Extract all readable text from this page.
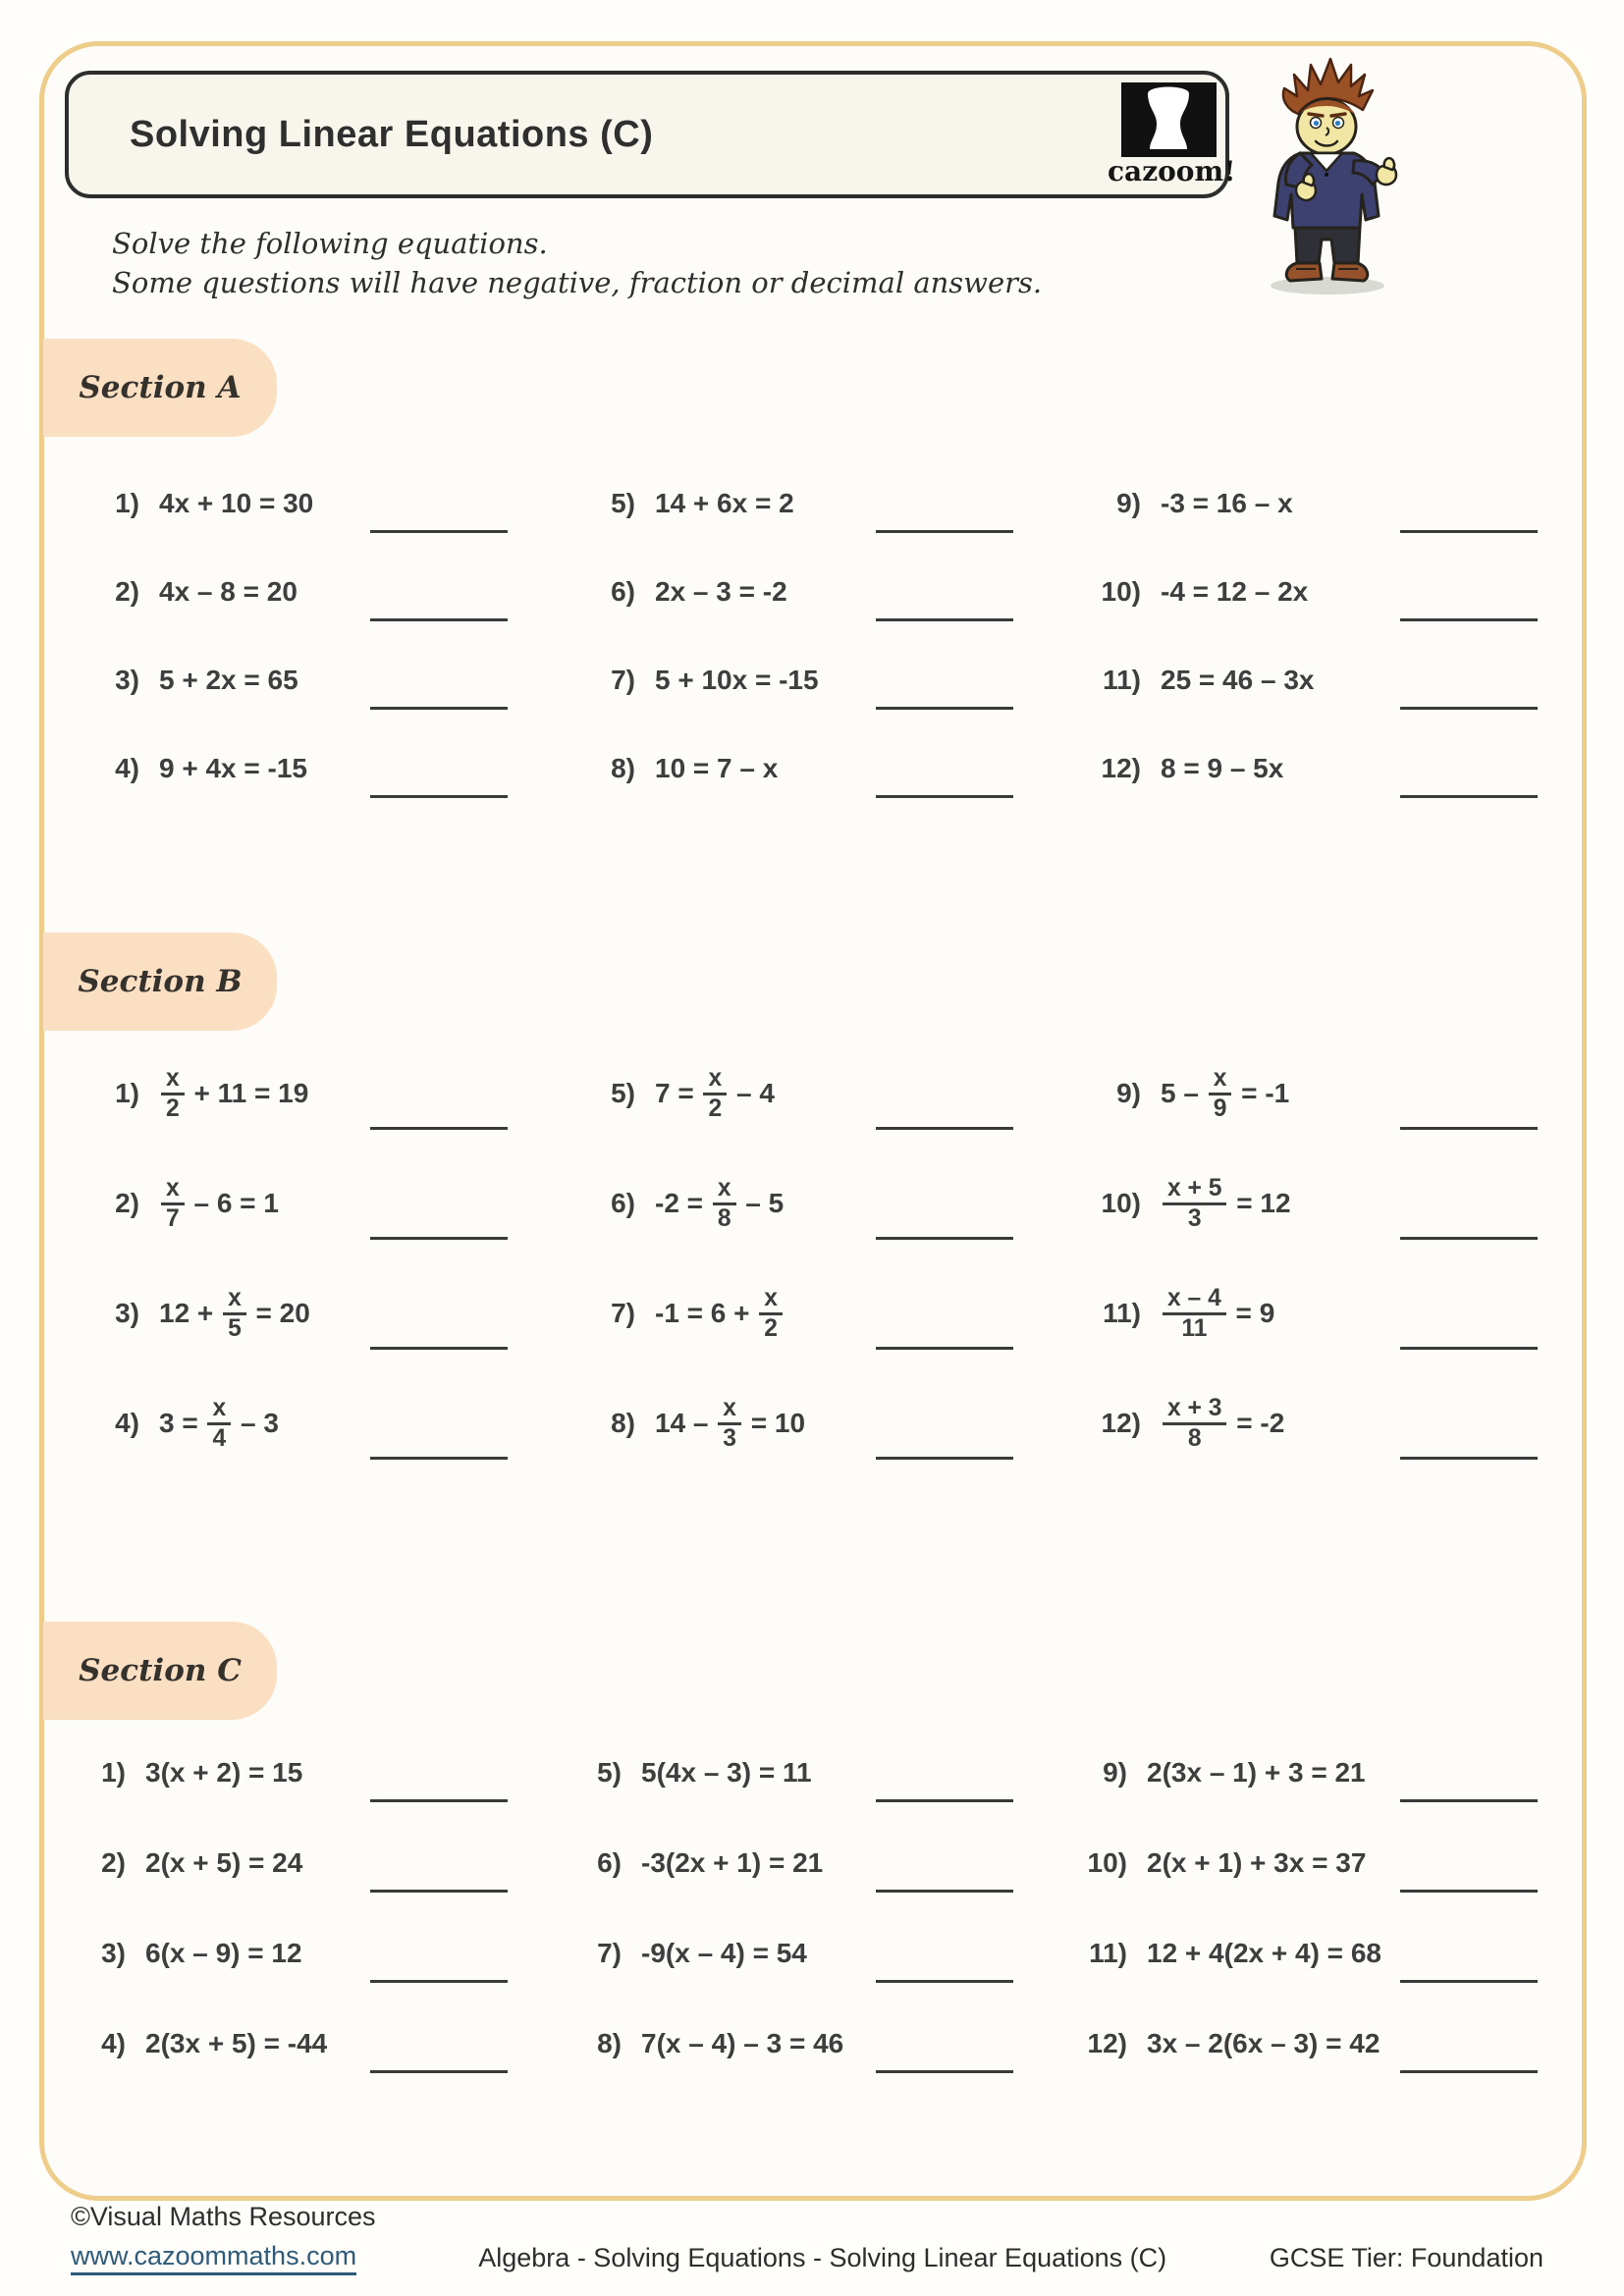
Solving Linear Equations (C)
cazoom!
Solve the following equations.
Some questions will have negative, fraction or decimal answers.
Section A
1) 4x + 10 = 30
2) 4x – 8 = 20
3) 5 + 2x = 65
4) 9 + 4x = -15
5) 14 + 6x = 2
6) 2x – 3 = -2
7) 5 + 10x = -15
8) 10 = 7 – x
9) -3 = 16 – x
10) -4 = 12 – 2x
11) 25 = 46 – 3x
12) 8 = 9 – 5x
Section B
$1) \frac{x}{2} + 11 = 19$
$2) \frac{x}{7} - 6 = 1$
3) $12 + \frac{x}{5} = 20$
4) $3 = \frac{x}{4} - 3$
5) $7 = \frac{x}{2} - 4$
6) $-2 = \frac{x}{8} - 5$
7) $-1 = 6 + \frac{x}{2}$
8) $14 - \frac{x}{3} = 10$
9) $5 - \frac{x}{9} = -1$
$10) \frac{x + 5}{3} = 12$
$11) \frac{x - 4}{11} = 9$
$12) \frac{x + 3}{8} = -2$
Section C
1) 3(x + 2) = 15
2) 2(x + 5) = 24
3) 6(x – 9) = 12
4) 2(3x + 5) = -44
5) 5(4x – 3) = 11
6) -3(2x + 1) = 21
7) -9(x – 4) = 54
8) 7(x – 4) – 3 = 46
9) 2(3x – 1) + 3 = 21
10) 2(x + 1) + 3x = 37
11) 12 + 4(2x + 4) = 68
12) 3x – 2(6x – 3) = 42
©Visual Maths Resources
www.cazoommaths.com	Algebra - Solving Equations - Solving Linear Equations (C)	GCSE Tier: Foundation
